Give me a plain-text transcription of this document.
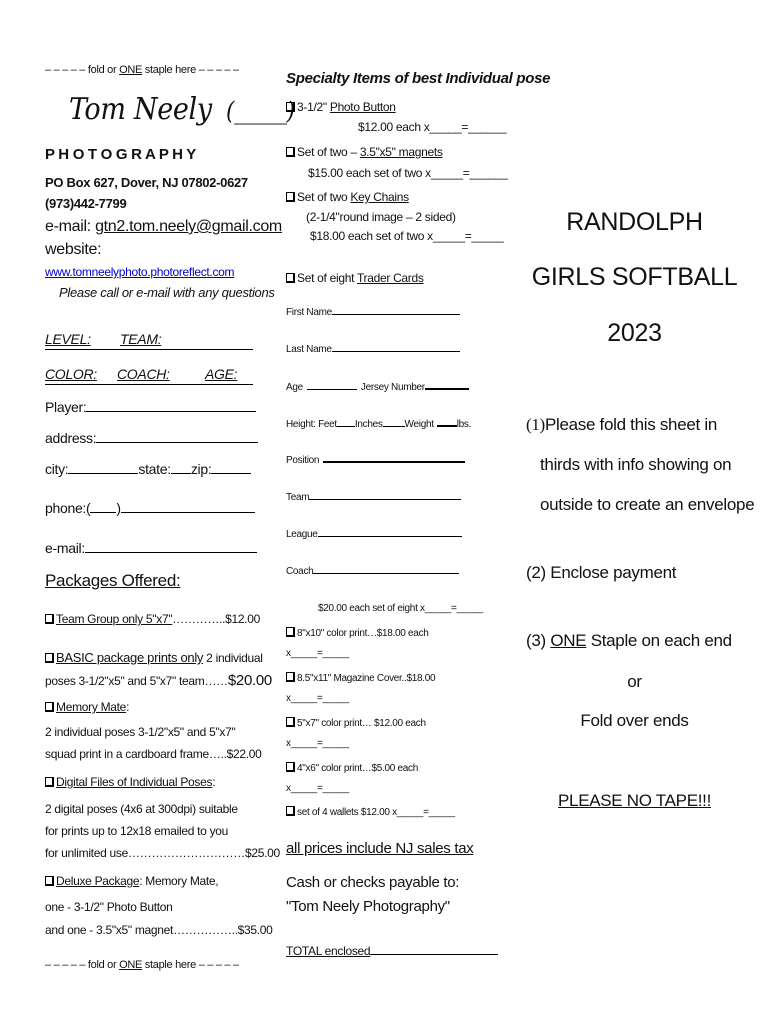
‒ ‒ ‒ ‒ ‒ fold or ONE staple here ‒ ‒ ‒ ‒ ‒
Tom Neely (_____)
P H O T O G R A P H Y
PO Box 627, Dover, NJ 07802-0627
(973)442-7799
e-mail: gtn2.tom.neely@gmail.com
website:
www.tomneelyphoto.photoreflect.com
Please call or e-mail with any questions
LEVEL: TEAM:
COLOR: COACH:	AGE:
Player:
address:
city:	state: zip:
phone:( )
e-mail:
Packages Offered:
Team Group only 5"x7"…………..$12.00
BASIC package prints only 2 individual
poses 3-1/2"x5" and 5"x7" team……$20.00
Memory Mate:
2 individual poses 3-1/2"x5" and 5"x7"
squad print in a cardboard frame…..$22.00
Digital Files of Individual Poses:
2 digital poses (4x6 at 300dpi) suitable
for prints up to 12x18 emailed to you
for unlimited use…………………………$25.00
Deluxe Package: Memory Mate,
one - 3-1/2" Photo Button
and one - 3.5"x5" magnet……………..$35.00
‒ ‒ ‒ ‒ ‒ fold or ONE staple here ‒ ‒ ‒ ‒ ‒
Specialty Items of best Individual pose
3-1/2" Photo Button
$12.00 each x_____=______
Set of two – 3.5"x5" magnets
$15.00 each set of two x_____=______
Set of two Key Chains
(2-1/4"round image – 2 sided)
$18.00 each set of two x_____=_____
Set of eight Trader Cards
First Name
Last Name
Age	Jersey Number
Height: Feet Inches Weight lbs.
Position
Team
League
Coach
$20.00 each set of eight x_____=_____
8"x10" color print…$18.00 each
x_____=_____
8.5"x11" Magazine Cover..$18.00
x_____=_____
5"x7" color print… $12.00 each
x_____=_____
4"x6" color print…$5.00 each
x_____=_____
set of 4 wallets $12.00 x_____=_____
all prices include NJ sales tax
Cash or checks payable to:
"Tom Neely Photography"
TOTAL enclosed
RANDOLPH
GIRLS SOFTBALL
2023
(1)Please fold this sheet in
thirds with info showing on
outside to create an envelope
(2) Enclose payment
(3) ONE Staple on each end
or
Fold over ends
PLEASE NO TAPE!!!
